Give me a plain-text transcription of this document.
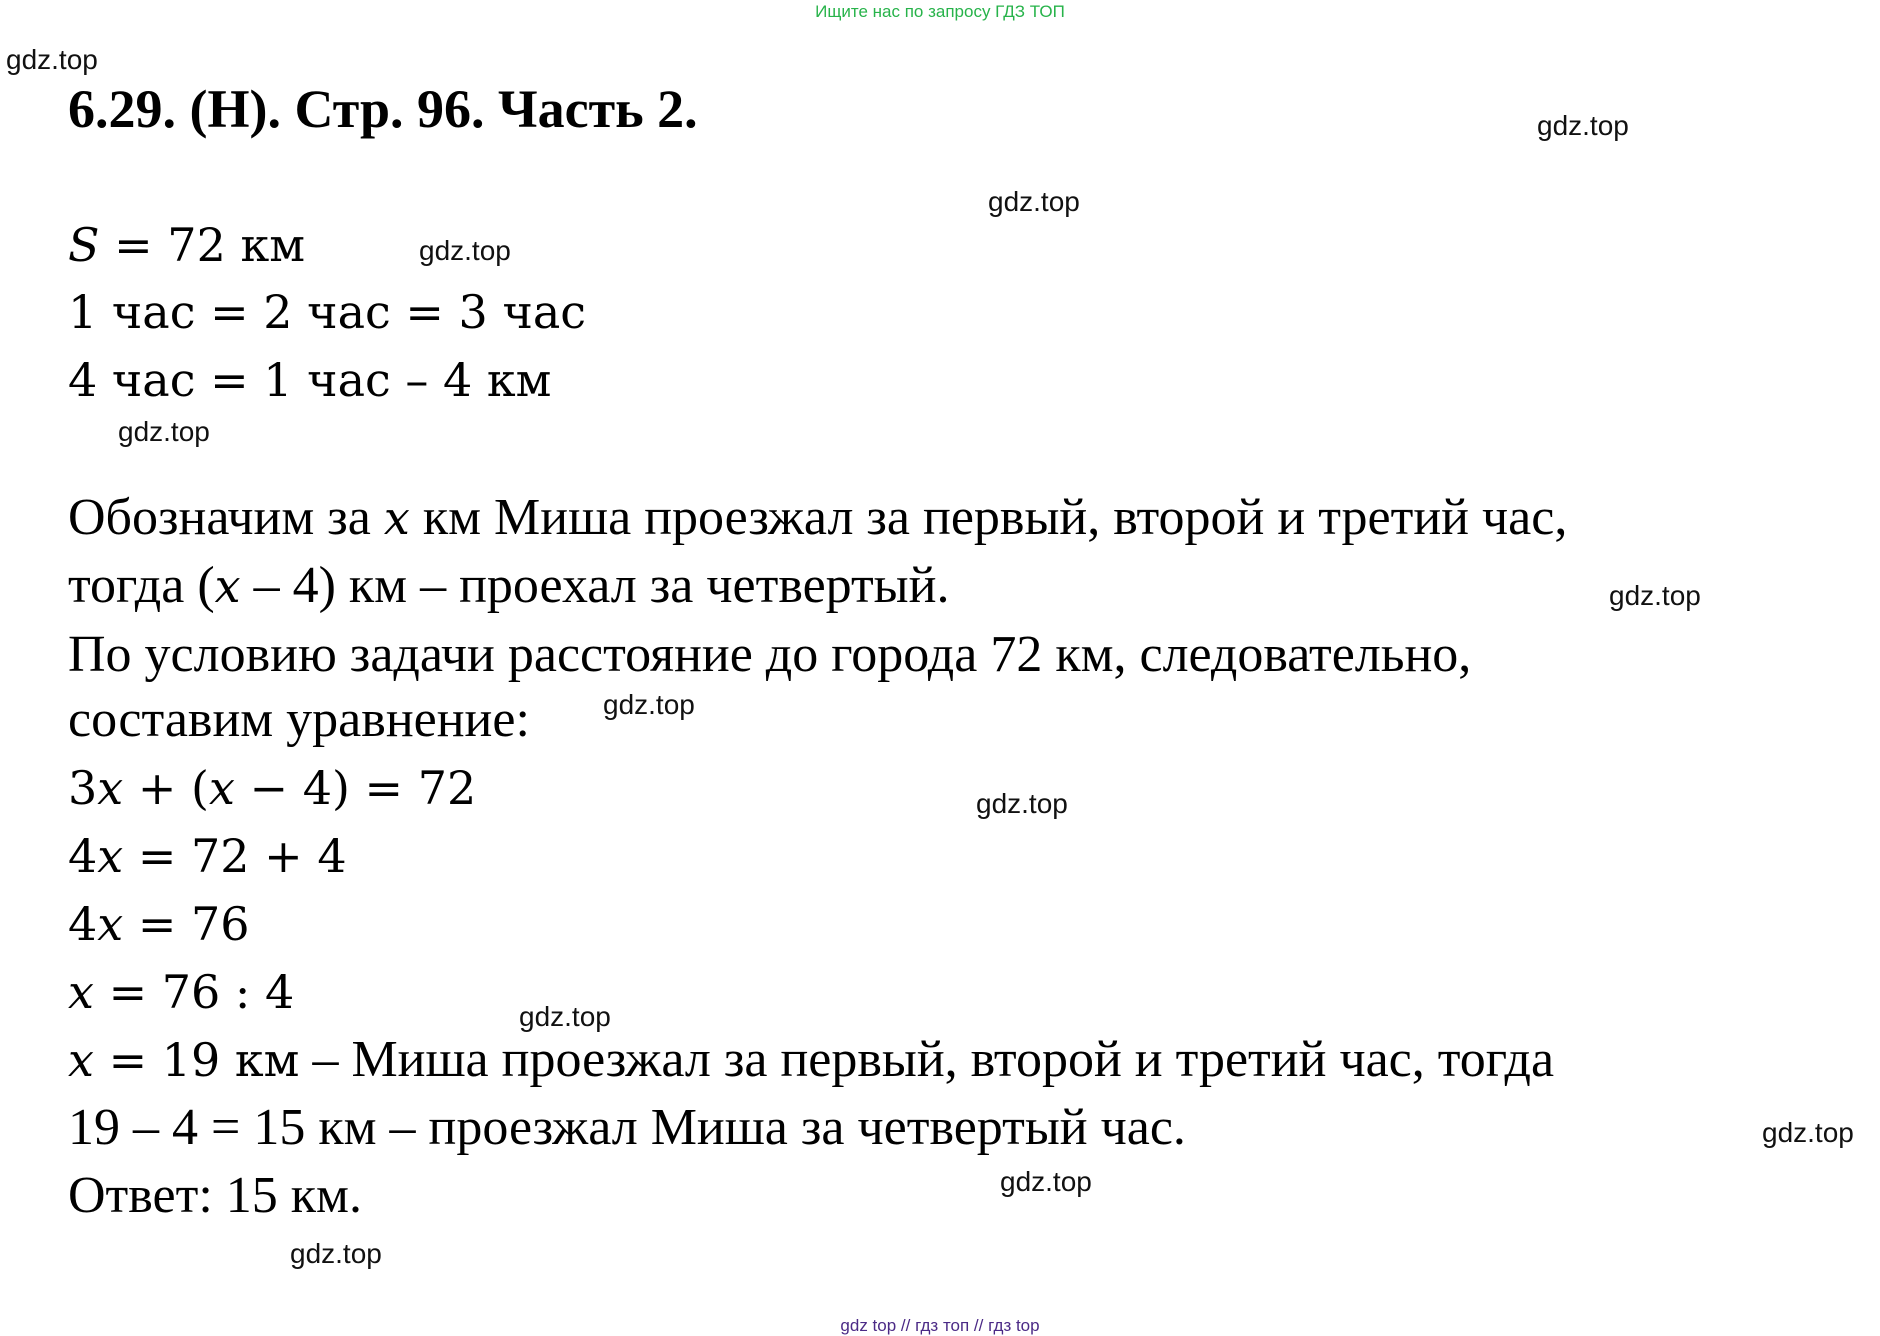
Ищите нас по запросу ГДЗ ТОП
gdz.top
gdz.top
gdz.top
gdz.top
gdz.top
gdz.top
gdz.top
gdz.top
gdz.top
gdz.top
gdz.top
gdz.top
6.29. (Н). Стр. 96. Часть 2.
S = 72 км
1 час = 2 час = 3 час
4 час = 1 час – 4 км
Обозначим за x км Миша проезжал за первый, второй и третий час,
тогда (x – 4) км – проехал за четвертый.
По условию задачи расстояние до города 72 км, следовательно,
составим уравнение:
3x + (x − 4) = 72
4x = 72 + 4
4x = 76
x = 76 : 4
x = 19 км – Миша проезжал за первый, второй и третий час, тогда
19 – 4 = 15 км – проезжал Миша за четвертый час.
Ответ: 15 км.
gdz top // гдз топ // гдз top
